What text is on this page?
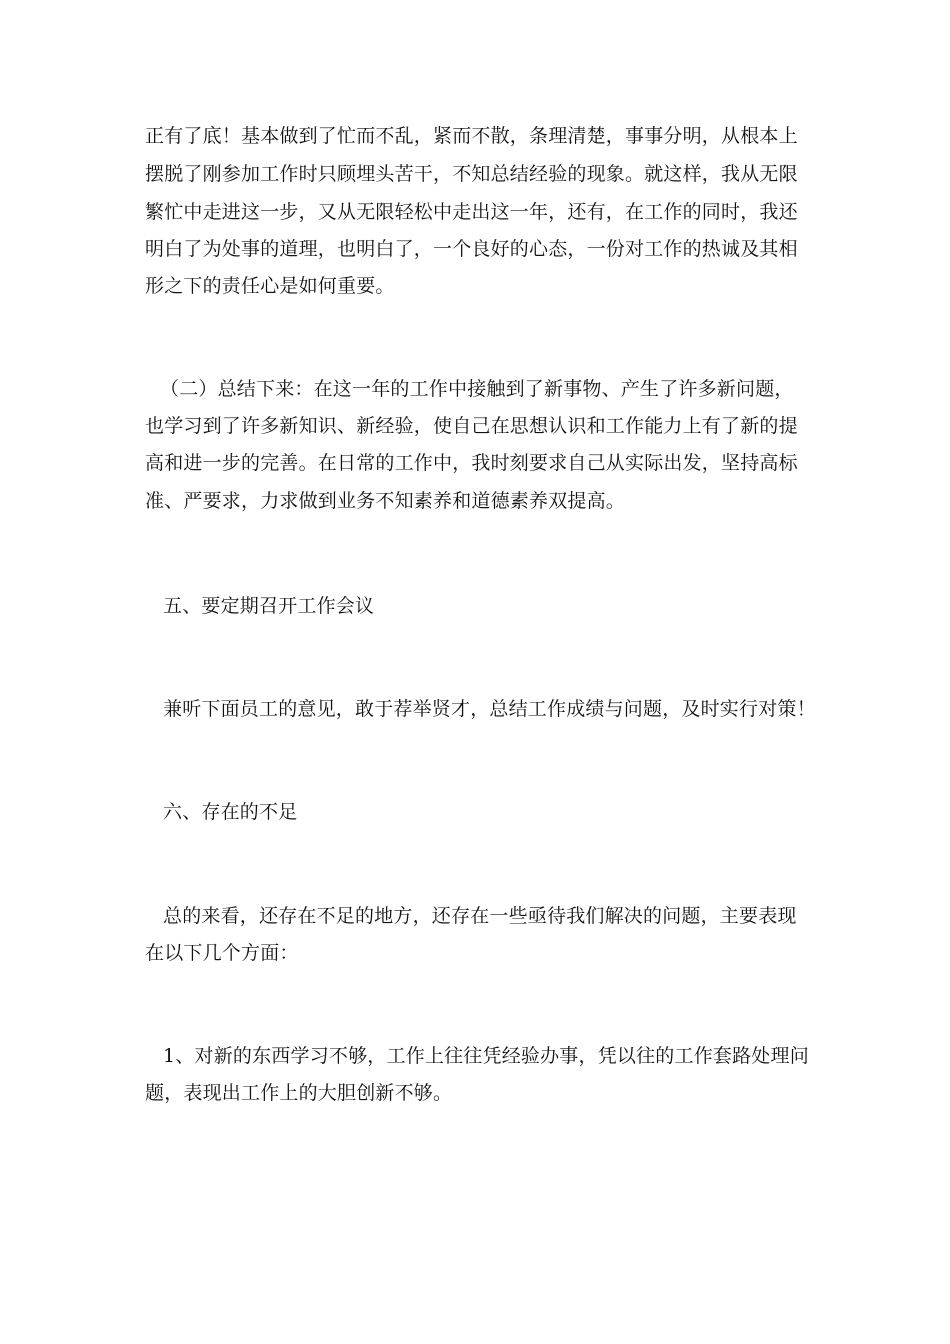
正有了底！基本做到了忙而不乱，紧而不散，条理清楚，事事分明，从根本上
摆脱了刚参加工作时只顾埋头苦干，不知总结经验的现象。就这样，我从无限
繁忙中走进这一步，又从无限轻松中走出这一年，还有，在工作的同时，我还
明白了为处事的道理，也明白了，一个良好的心态，一份对工作的热诚及其相
形之下的责任心是如何重要。
（二）总结下来：在这一年的工作中接触到了新事物、产生了许多新问题，
也学习到了许多新知识、新经验，使自己在思想认识和工作能力上有了新的提
高和进一步的完善。在日常的工作中，我时刻要求自己从实际出发，坚持高标
准、严要求，力求做到业务不知素养和道德素养双提高。
五、要定期召开工作会议
兼听下面员工的意见，敢于荐举贤才，总结工作成绩与问题，及时实行对策！
六、存在的不足
总的来看，还存在不足的地方，还存在一些亟待我们解决的问题，主要表现
在以下几个方面：
1、对新的东西学习不够，工作上往往凭经验办事，凭以往的工作套路处理问
题，表现出工作上的大胆创新不够。
